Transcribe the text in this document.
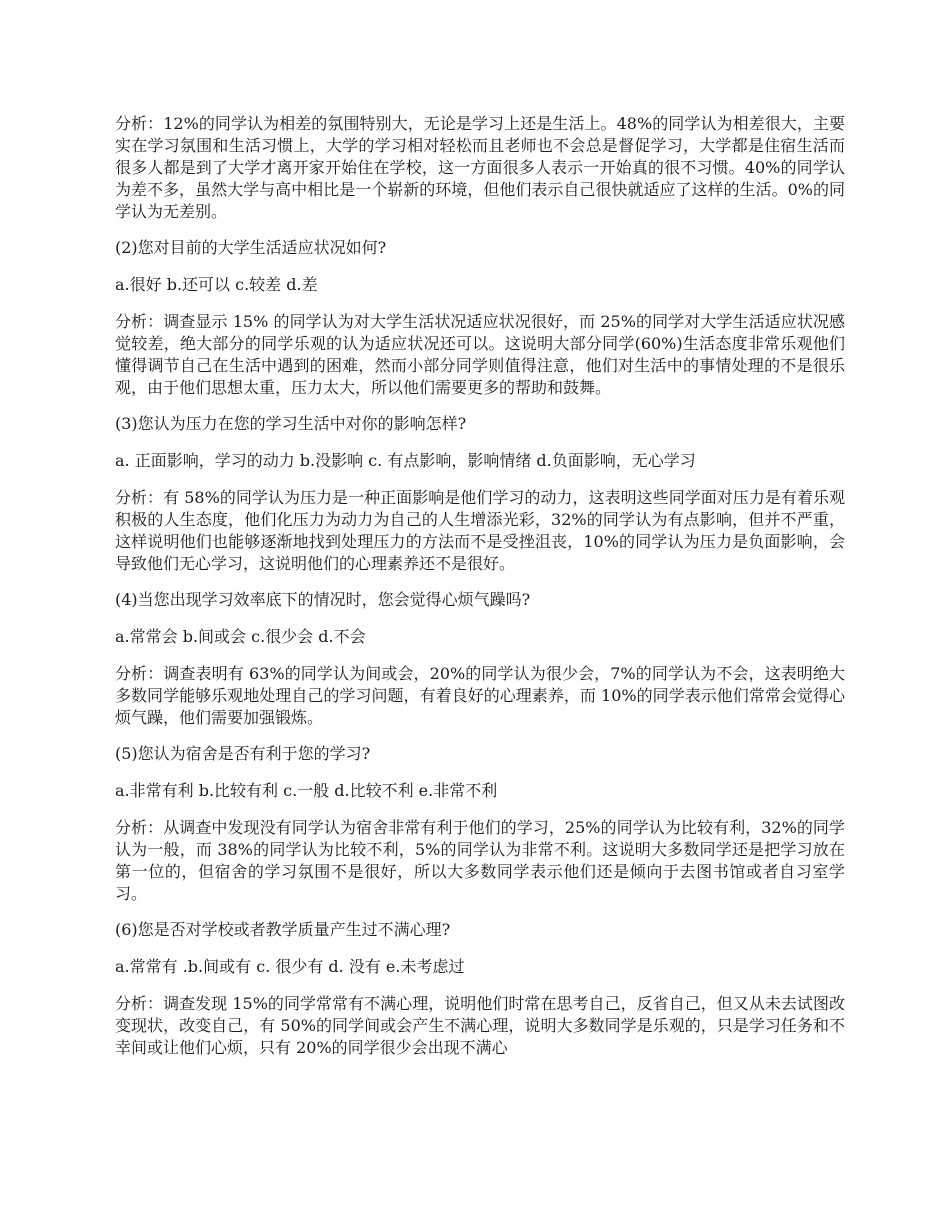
分析：12%的同学认为相差的氛围特别大，无论是学习上还是生活上。48%的同学认为相差很大，主要实在学习氛围和生活习惯上，大学的学习相对轻松而且老师也不会总是督促学习，大学都是住宿生活而很多人都是到了大学才离开家开始住在学校，这一方面很多人表示一开始真的很不习惯。40%的同学认为差不多，虽然大学与高中相比是一个崭新的环境，但他们表示自己很快就适应了这样的生活。0%的同学认为无差别。

(2)您对目前的大学生活适应状况如何?

a.很好 b.还可以 c.较差 d.差

分析：调查显示 15% 的同学认为对大学生活状况适应状况很好，而 25%的同学对大学生活适应状况感觉较差，绝大部分的同学乐观的认为适应状况还可以。这说明大部分同学(60%)生活态度非常乐观他们懂得调节自己在生活中遇到的困难，然而小部分同学则值得注意，他们对生活中的事情处理的不是很乐观，由于他们思想太重，压力太大，所以他们需要更多的帮助和鼓舞。

(3)您认为压力在您的学习生活中对你的影响怎样?

a. 正面影响，学习的动力 b.没影响 c. 有点影响，影响情绪 d.负面影响，无心学习

分析：有 58%的同学认为压力是一种正面影响是他们学习的动力，这表明这些同学面对压力是有着乐观积极的人生态度，他们化压力为动力为自己的人生增添光彩，32%的同学认为有点影响，但并不严重，这样说明他们也能够逐渐地找到处理压力的方法而不是受挫沮丧，10%的同学认为压力是负面影响，会导致他们无心学习，这说明他们的心理素养还不是很好。

(4)当您出现学习效率底下的情况时，您会觉得心烦气躁吗?

a.常常会 b.间或会 c.很少会 d.不会

分析：调查表明有 63%的同学认为间或会，20%的同学认为很少会，7%的同学认为不会，这表明绝大多数同学能够乐观地处理自己的学习问题，有着良好的心理素养，而 10%的同学表示他们常常会觉得心烦气躁，他们需要加强锻炼。

(5)您认为宿舍是否有利于您的学习?

a.非常有利 b.比较有利 c.一般 d.比较不利 e.非常不利

分析：从调查中发现没有同学认为宿舍非常有利于他们的学习，25%的同学认为比较有利，32%的同学认为一般，而 38%的同学认为比较不利，5%的同学认为非常不利。这说明大多数同学还是把学习放在第一位的，但宿舍的学习氛围不是很好，所以大多数同学表示他们还是倾向于去图书馆或者自习室学习。

(6)您是否对学校或者教学质量产生过不满心理?

a.常常有 .b.间或有 c. 很少有 d. 没有 e.未考虑过

分析：调查发现 15%的同学常常有不满心理，说明他们时常在思考自己，反省自己，但又从未去试图改变现状，改变自己，有 50%的同学间或会产生不满心理，说明大多数同学是乐观的，只是学习任务和不幸间或让他们心烦，只有 20%的同学很少会出现不满心
